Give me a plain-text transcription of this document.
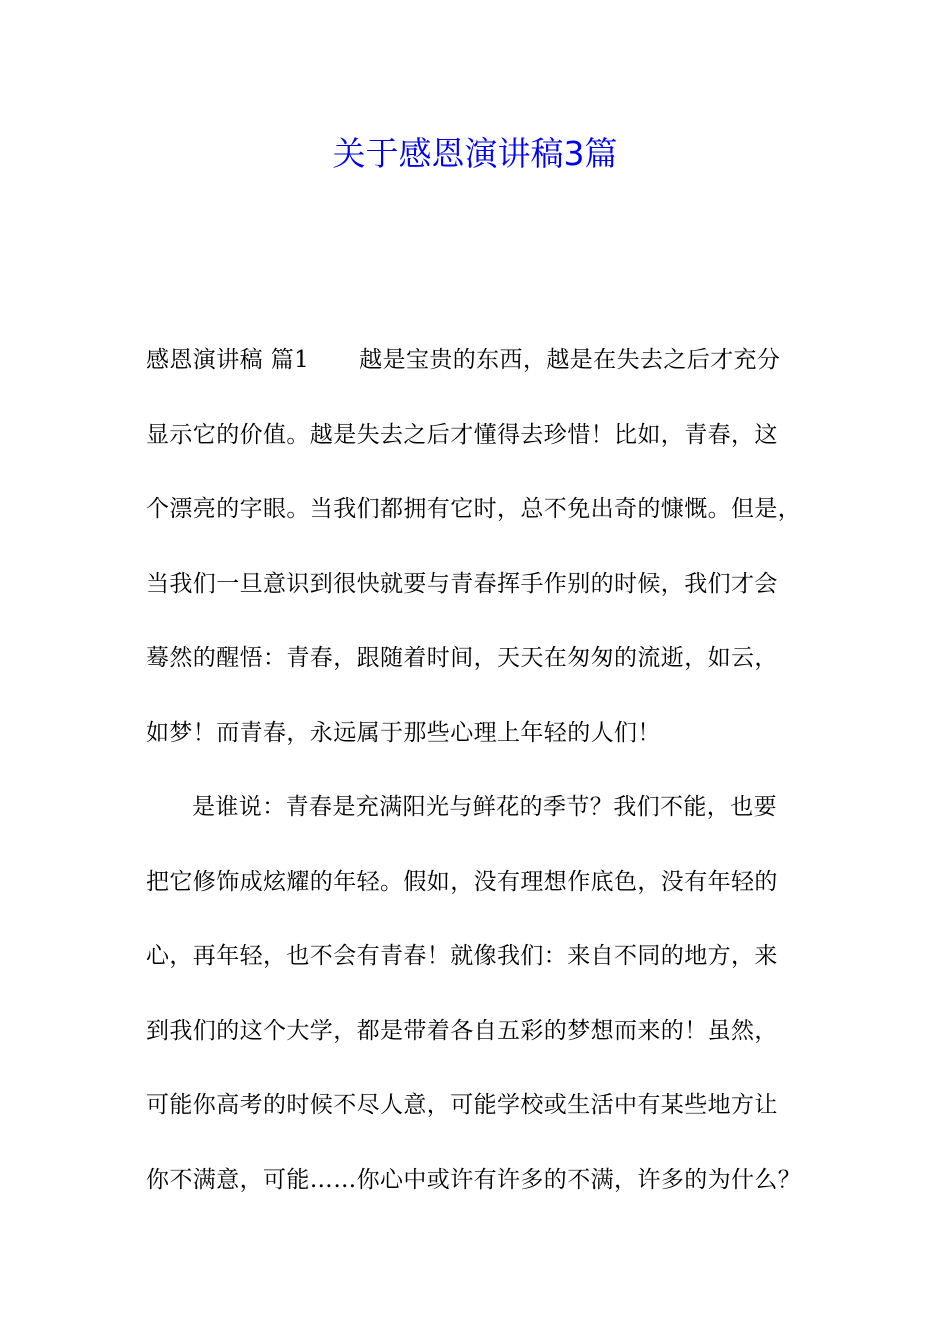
关于感恩演讲稿3篇
感恩演讲稿 篇1 越是宝贵的东西，越是在失去之后才充分
显示它的价值。越是失去之后才懂得去珍惜！比如，青春，这
个漂亮的字眼。当我们都拥有它时，总不免出奇的慷慨。但是，
当我们一旦意识到很快就要与青春挥手作别的时候，我们才会
蓦然的醒悟：青春，跟随着时间，天天在匆匆的流逝，如云，
如梦！而青春，永远属于那些心理上年轻的人们！
是谁说：青春是充满阳光与鲜花的季节？我们不能，也要
把它修饰成炫耀的年轻。假如，没有理想作底色，没有年轻的
心，再年轻，也不会有青春！就像我们：来自不同的地方，来
到我们的这个大学，都是带着各自五彩的梦想而来的！虽然，
可能你高考的时候不尽人意，可能学校或生活中有某些地方让
你不满意，可能……你心中或许有许多的不满，许多的为什么？
